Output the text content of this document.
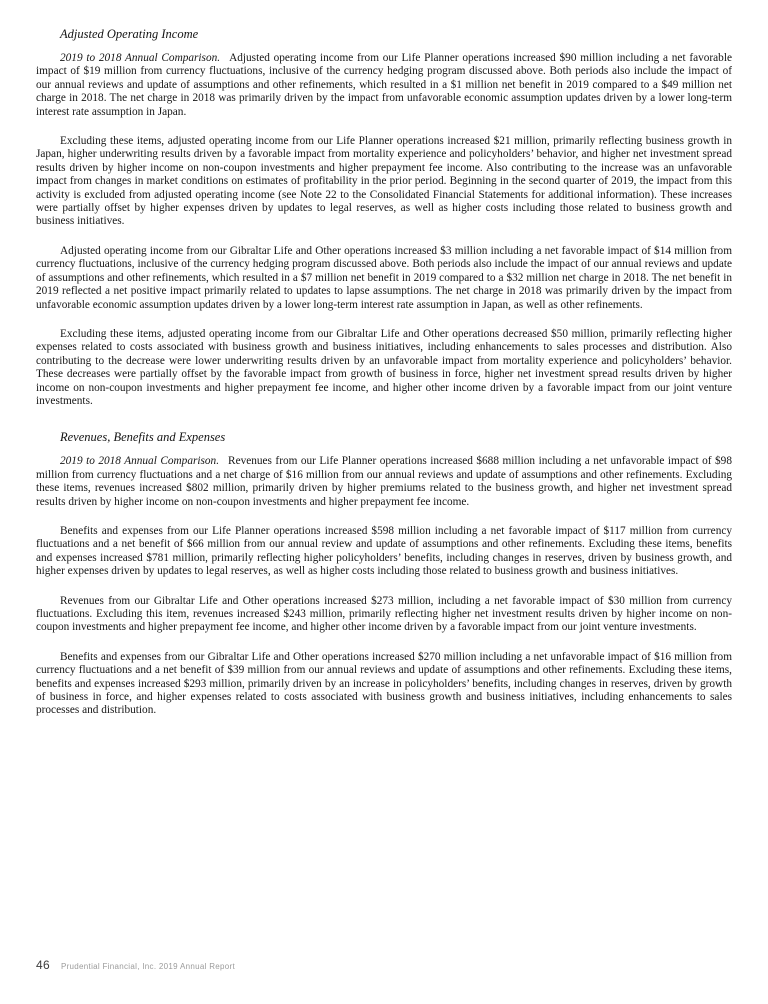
Adjusted Operating Income

2019 to 2018 Annual Comparison. Adjusted operating income from our Life Planner operations increased $90 million including a net favorable impact of $19 million from currency fluctuations, inclusive of the currency hedging program discussed above. Both periods also include the impact of our annual reviews and update of assumptions and other refinements, which resulted in a $1 million net benefit in 2019 compared to a $49 million net charge in 2018. The net charge in 2018 was primarily driven by the impact from unfavorable economic assumption updates driven by a lower long-term interest rate assumption in Japan.

Excluding these items, adjusted operating income from our Life Planner operations increased $21 million, primarily reflecting business growth in Japan, higher underwriting results driven by a favorable impact from mortality experience and policyholders’ behavior, and higher net investment spread results driven by higher income on non-coupon investments and higher prepayment fee income. Also contributing to the increase was an unfavorable impact from changes in market conditions on estimates of profitability in the prior period. Beginning in the second quarter of 2019, the impact from this activity is excluded from adjusted operating income (see Note 22 to the Consolidated Financial Statements for additional information). These increases were partially offset by higher expenses driven by updates to legal reserves, as well as higher costs including those related to business growth and business initiatives.

Adjusted operating income from our Gibraltar Life and Other operations increased $3 million including a net favorable impact of $14 million from currency fluctuations, inclusive of the currency hedging program discussed above. Both periods also include the impact of our annual reviews and update of assumptions and other refinements, which resulted in a $7 million net benefit in 2019 compared to a $32 million net charge in 2018. The net benefit in 2019 reflected a net positive impact primarily related to updates to lapse assumptions. The net charge in 2018 was primarily driven by the impact from unfavorable economic assumption updates driven by a lower long-term interest rate assumption in Japan, as well as other refinements.

Excluding these items, adjusted operating income from our Gibraltar Life and Other operations decreased $50 million, primarily reflecting higher expenses related to costs associated with business growth and business initiatives, including enhancements to sales processes and distribution. Also contributing to the decrease were lower underwriting results driven by an unfavorable impact from mortality experience and policyholders’ behavior. These decreases were partially offset by the favorable impact from growth of business in force, higher net investment spread results driven by higher income on non-coupon investments and higher prepayment fee income, and higher other income driven by a favorable impact from our joint venture investments.

Revenues, Benefits and Expenses

2019 to 2018 Annual Comparison. Revenues from our Life Planner operations increased $688 million including a net unfavorable impact of $98 million from currency fluctuations and a net charge of $16 million from our annual reviews and update of assumptions and other refinements. Excluding these items, revenues increased $802 million, primarily driven by higher premiums related to the business growth, and higher net investment spread results driven by higher income on non-coupon investments and higher prepayment fee income.

Benefits and expenses from our Life Planner operations increased $598 million including a net favorable impact of $117 million from currency fluctuations and a net benefit of $66 million from our annual review and update of assumptions and other refinements. Excluding these items, benefits and expenses increased $781 million, primarily reflecting higher policyholders’ benefits, including changes in reserves, driven by business growth, and higher expenses driven by updates to legal reserves, as well as higher costs including those related to business growth and business initiatives.

Revenues from our Gibraltar Life and Other operations increased $273 million, including a net favorable impact of $30 million from currency fluctuations. Excluding this item, revenues increased $243 million, primarily reflecting higher net investment results driven by higher income on non-coupon investments and higher prepayment fee income, and higher other income driven by a favorable impact from our joint venture investments.

Benefits and expenses from our Gibraltar Life and Other operations increased $270 million including a net unfavorable impact of $16 million from currency fluctuations and a net benefit of $39 million from our annual reviews and update of assumptions and other refinements. Excluding these items, benefits and expenses increased $293 million, primarily driven by an increase in policyholders’ benefits, including changes in reserves, driven by growth of business in force, and higher expenses related to costs associated with business growth and business initiatives, including enhancements to sales processes and distribution.

46 Prudential Financial, Inc. 2019 Annual Report
